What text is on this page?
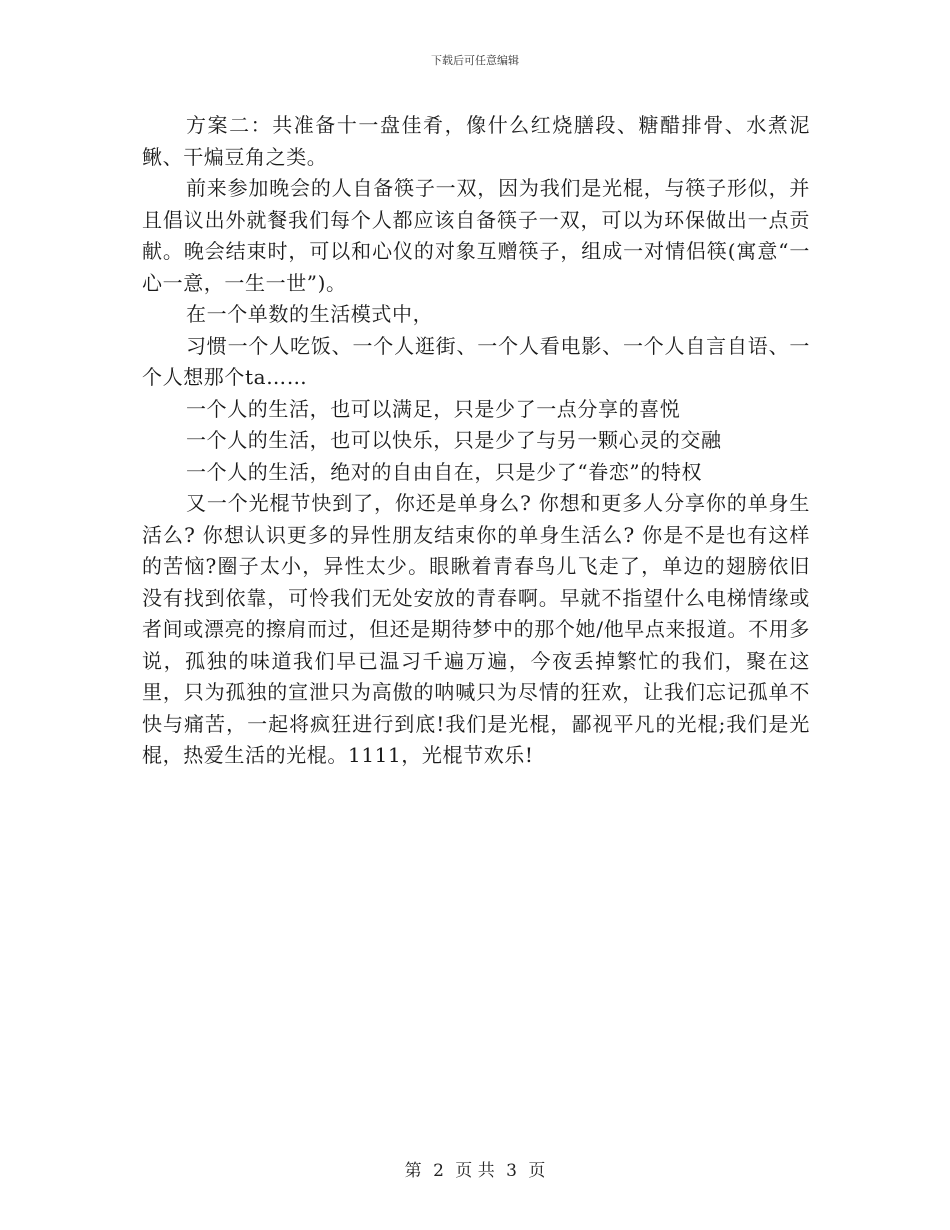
下载后可任意编辑

方案二：共准备十一盘佳肴，像什么红烧膳段、糖醋排骨、水煮泥鳅、干煸豆角之类。

前来参加晚会的人自备筷子一双，因为我们是光棍，与筷子形似，并且倡议出外就餐我们每个人都应该自备筷子一双，可以为环保做出一点贡献。晚会结束时，可以和心仪的对象互赠筷子，组成一对情侣筷(寓意“一心一意，一生一世”)。

在一个单数的生活模式中，

习惯一个人吃饭、一个人逛街、一个人看电影、一个人自言自语、一个人想那个ta……

一个人的生活，也可以满足，只是少了一点分享的喜悦

一个人的生活，也可以快乐，只是少了与另一颗心灵的交融

一个人的生活，绝对的自由自在，只是少了“眷恋”的特权

又一个光棍节快到了，你还是单身么? 你想和更多人分享你的单身生活么? 你想认识更多的异性朋友结束你的单身生活么? 你是不是也有这样的苦恼?圈子太小，异性太少。眼瞅着青春鸟儿飞走了，单边的翅膀依旧没有找到依靠，可怜我们无处安放的青春啊。早就不指望什么电梯情缘或者间或漂亮的擦肩而过，但还是期待梦中的那个她/他早点来报道。不用多说，孤独的味道我们早已温习千遍万遍，今夜丢掉繁忙的我们，聚在这里，只为孤独的宣泄只为高傲的呐喊只为尽情的狂欢，让我们忘记孤单不快与痛苦，一起将疯狂进行到底!我们是光棍，鄙视平凡的光棍;我们是光棍，热爱生活的光棍。1111，光棍节欢乐!

第 2 页 共 3 页
